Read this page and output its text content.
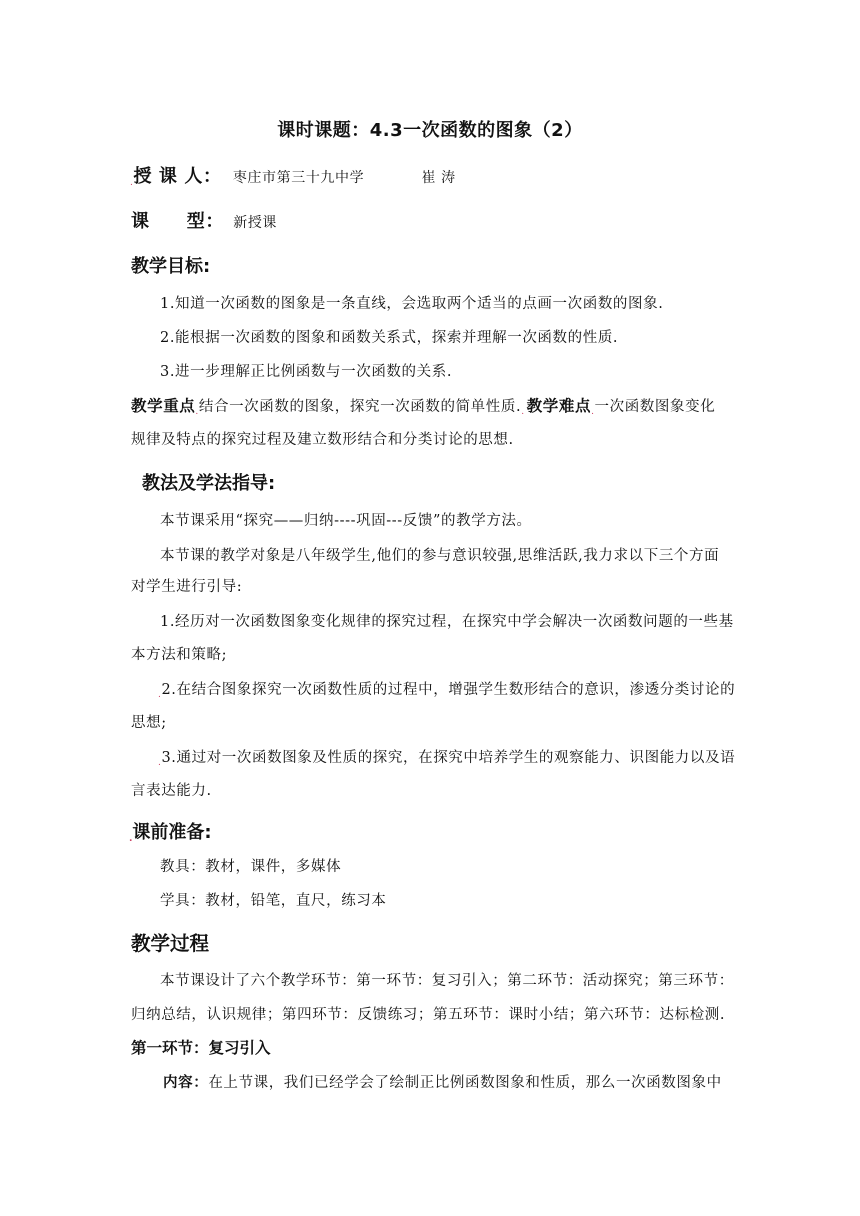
课时课题：4.3一次函数的图象（2）
$_.$授 课 人： 枣庄市第三十九中学	崔 涛
课　　型： 新授课
教学目标:
1.知道一次函数的图象是一条直线，会选取两个适当的点画一次函数的图象.
2.能根据一次函数的图象和函数关系式，探索并理解一次函数的性质.
3.进一步理解正比例函数与一次函数的关系.
教学重点$_.$结合一次函数的图象，探究一次函数的简单性质$._.$ 教学难点$_.$一次函数图象变化
规律及特点的探究过程及建立数形结合和分类讨论的思想.
教法及学法指导:
本节课采用“探究——归纳----巩固---反馈”的教学方法。
本节课的教学对象是八年级学生,他们的参与意识较强,思维活跃,我力求以下三个方面
对学生进行引导:
1.经历对一次函数图象变化规律的探究过程，在探究中学会解决一次函数问题的一些基
本方法和策略;
$_.$2.在结合图象探究一次函数性质的过程中，增强学生数形结合的意识，渗透分类讨论的
思想;
$_.$3.通过对一次函数图象及性质的探究，在探究中培养学生的观察能力、识图能力以及语
言表达能力.
.课前准备:
教具：教材，课件，多媒体
学具：教材，铅笔，直尺，练习本
教学过程
本节课设计了六个教学环节：第一环节：复习引入；第二环节：活动探究；第三环节：
归纳总结，认识规律；第四环节：反馈练习；第五环节：课时小结；第六环节：达标检测.
第一环节：复习引入
内容：在上节课，我们已经学会了绘制正比例函数图象和性质，那么一次函数图象中
